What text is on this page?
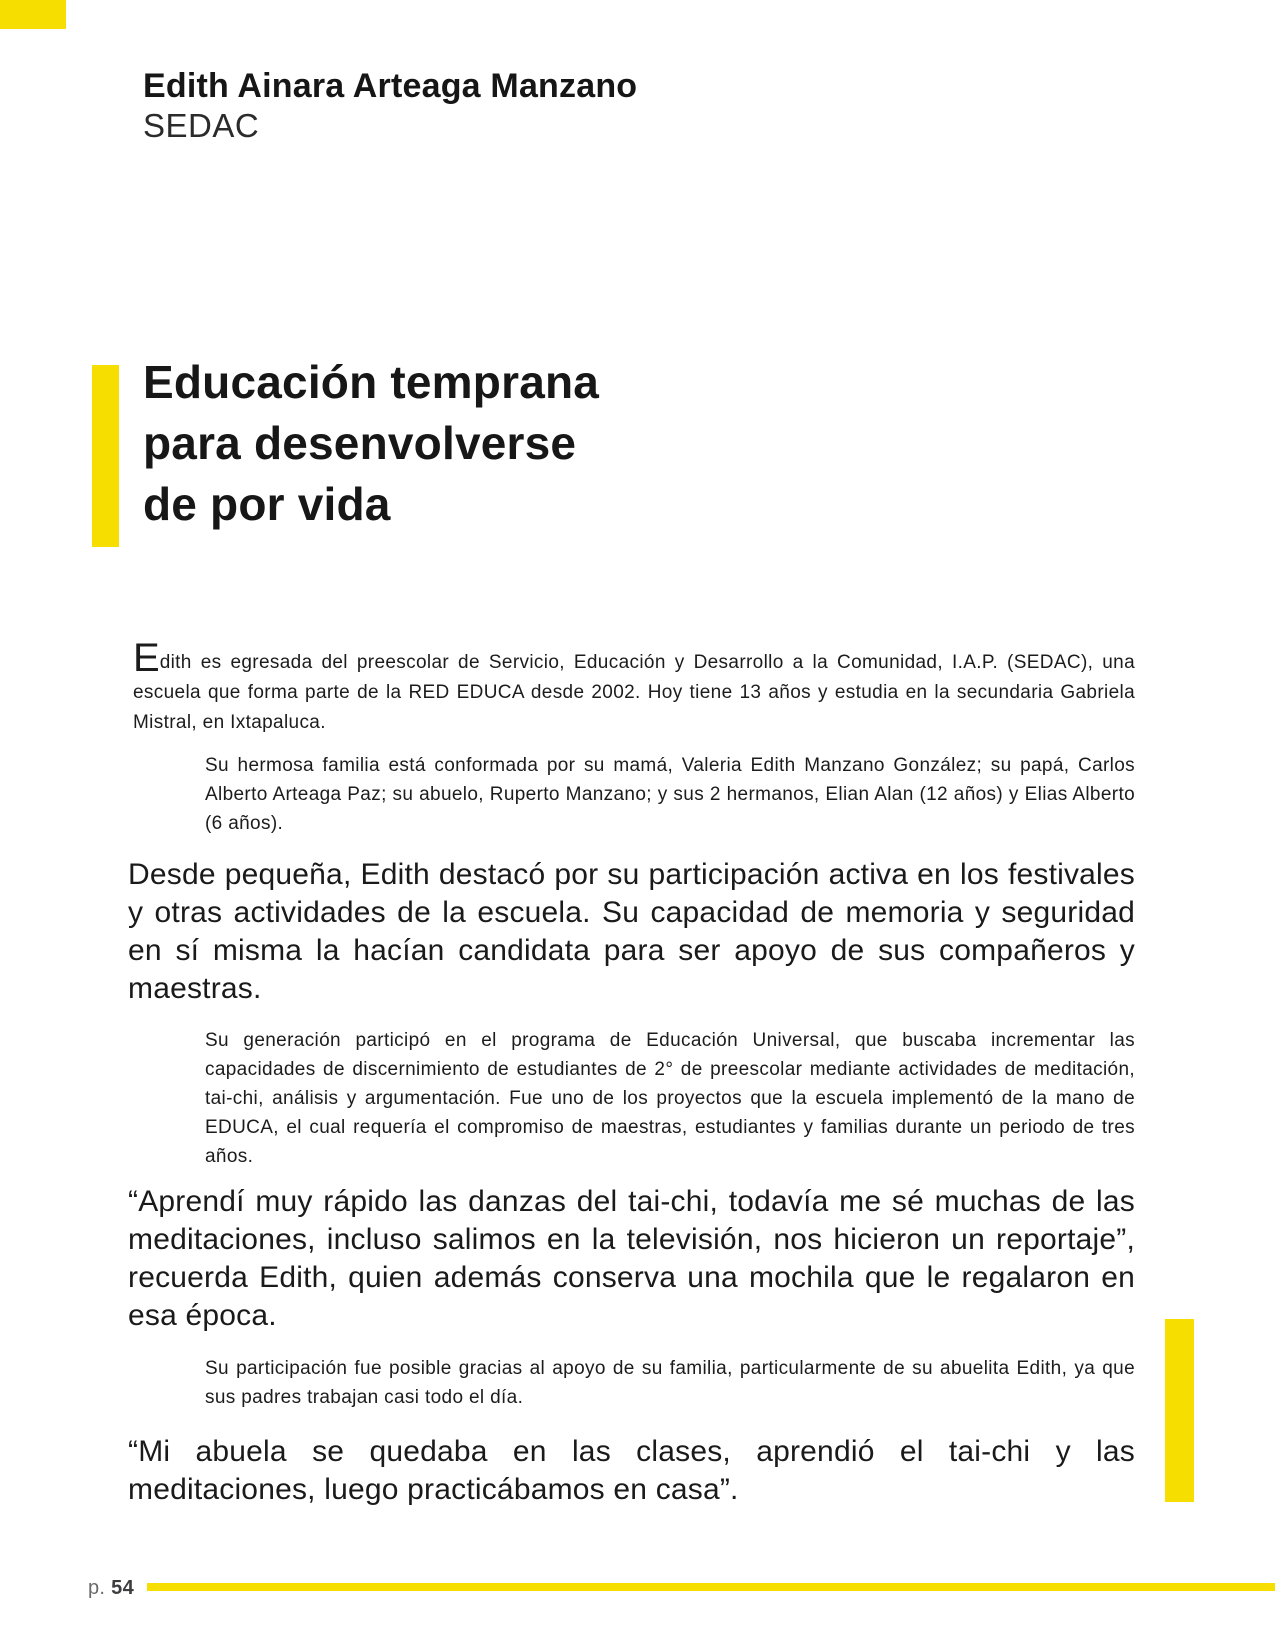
Edith Ainara Arteaga Manzano
SEDAC
Educación temprana
para desenvolverse
de por vida

Edith es egresada del preescolar de Servicio, Educación y Desarrollo a la Comunidad, I.A.P. (SEDAC), una escuela que forma parte de la RED EDUCA desde 2002. Hoy tiene 13 años y estudia en la secundaria Gabriela Mistral, en Ixtapaluca.

Su hermosa familia está conformada por su mamá, Valeria Edith Manzano González; su papá, Carlos Alberto Arteaga Paz; su abuelo, Ruperto Manzano; y sus 2 hermanos, Elian Alan (12 años) y Elias Alberto (6 años).

Desde pequeña, Edith destacó por su participación activa en los festivales y otras actividades de la escuela. Su capacidad de memoria y seguridad en sí misma la hacían candidata para ser apoyo de sus compañeros y maestras.

Su generación participó en el programa de Educación Universal, que buscaba incrementar las capacidades de discernimiento de estudiantes de 2° de preescolar mediante actividades de meditación, tai-chi, análisis y argumentación. Fue uno de los proyectos que la escuela implementó de la mano de EDUCA, el cual requería el compromiso de maestras, estudiantes y familias durante un periodo de tres años.

“Aprendí muy rápido las danzas del tai-chi, todavía me sé muchas de las meditaciones, incluso salimos en la televisión, nos hicieron un reportaje”, recuerda Edith, quien además conserva una mochila que le regalaron en esa época.

Su participación fue posible gracias al apoyo de su familia, particularmente de su abuelita Edith, ya que sus padres trabajan casi todo el día.

“Mi abuela se quedaba en las clases, aprendió el tai-chi y las meditaciones, luego practicábamos en casa”.

p. 54
